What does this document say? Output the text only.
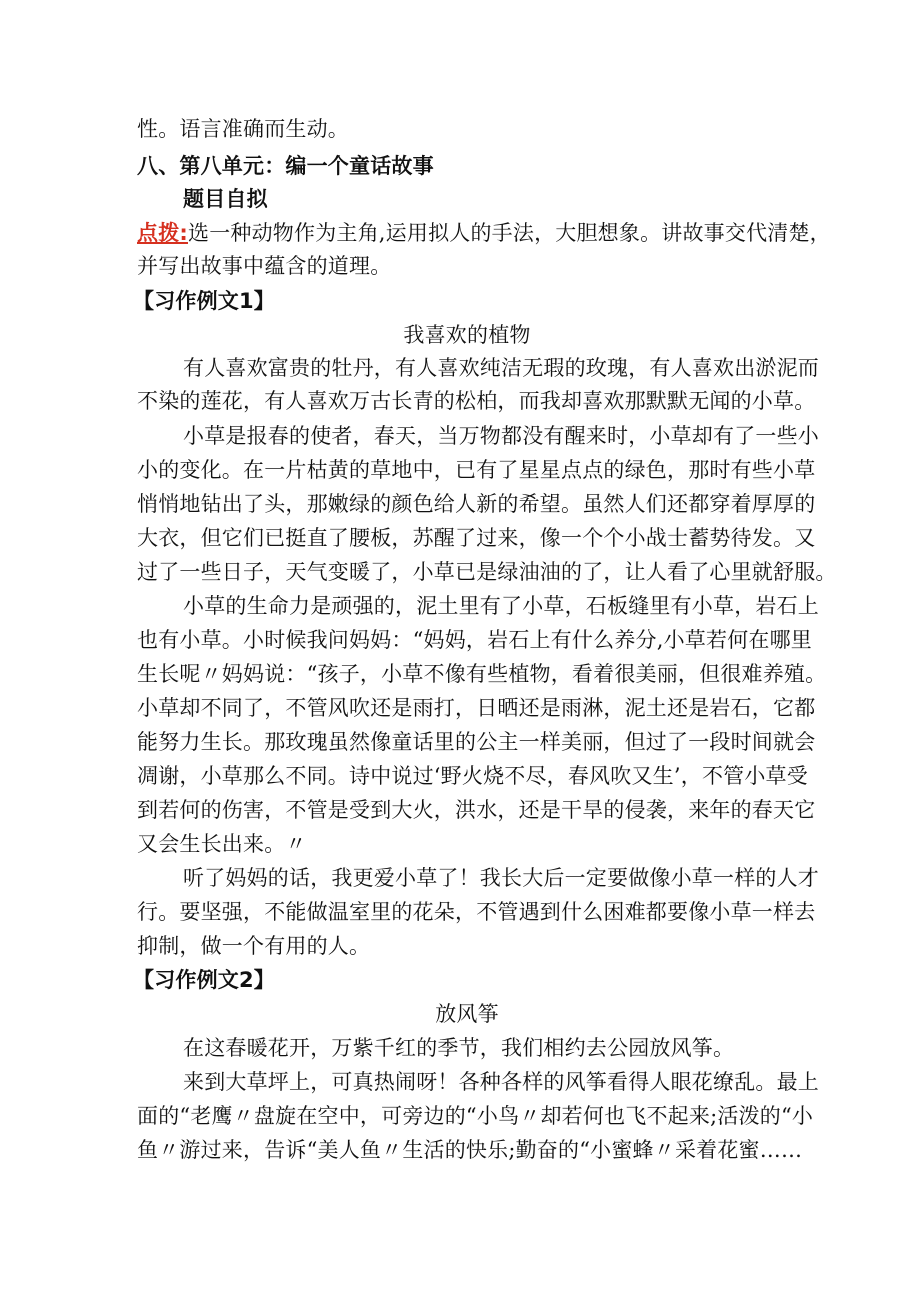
性。语言准确而生动。
八、第八单元：编一个童话故事
题目自拟
点拨:选一种动物作为主角,运用拟人的手法，大胆想象。讲故事交代清楚，
并写出故事中蕴含的道理。
【习作例文1】
我喜欢的植物
有人喜欢富贵的牡丹，有人喜欢纯洁无瑕的玫瑰，有人喜欢出淤泥而
不染的莲花，有人喜欢万古长青的松柏，而我却喜欢那默默无闻的小草。
小草是报春的使者，春天，当万物都没有醒来时，小草却有了一些小
小的变化。在一片枯黄的草地中，已有了星星点点的绿色，那时有些小草
悄悄地钻出了头，那嫩绿的颜色给人新的希望。虽然人们还都穿着厚厚的
大衣，但它们已挺直了腰板，苏醒了过来，像一个个小战士蓄势待发。又
过了一些日子，天气变暖了，小草已是绿油油的了，让人看了心里就舒服。
小草的生命力是顽强的，泥土里有了小草，石板缝里有小草，岩石上
也有小草。小时候我问妈妈：“妈妈，岩石上有什么养分,小草若何在哪里
生长呢〃妈妈说：“孩子，小草不像有些植物，看着很美丽，但很难养殖。
小草却不同了，不管风吹还是雨打，日晒还是雨淋，泥土还是岩石，它都
能努力生长。那玫瑰虽然像童话里的公主一样美丽，但过了一段时间就会
凋谢，小草那么不同。诗中说过‘野火烧不尽，春风吹又生’，不管小草受
到若何的伤害，不管是受到大火，洪水，还是干旱的侵袭，来年的春天它
又会生长出来。〃
听了妈妈的话，我更爱小草了！我长大后一定要做像小草一样的人才
行。要坚强，不能做温室里的花朵，不管遇到什么困难都要像小草一样去
抑制，做一个有用的人。
【习作例文2】
放风筝
在这春暖花开，万紫千红的季节，我们相约去公园放风筝。
来到大草坪上，可真热闹呀！各种各样的风筝看得人眼花缭乱。最上
面的“老鹰〃盘旋在空中，可旁边的“小鸟〃却若何也飞不起来;活泼的“小
鱼〃游过来，告诉“美人鱼〃生活的快乐;勤奋的“小蜜蜂〃采着花蜜……
